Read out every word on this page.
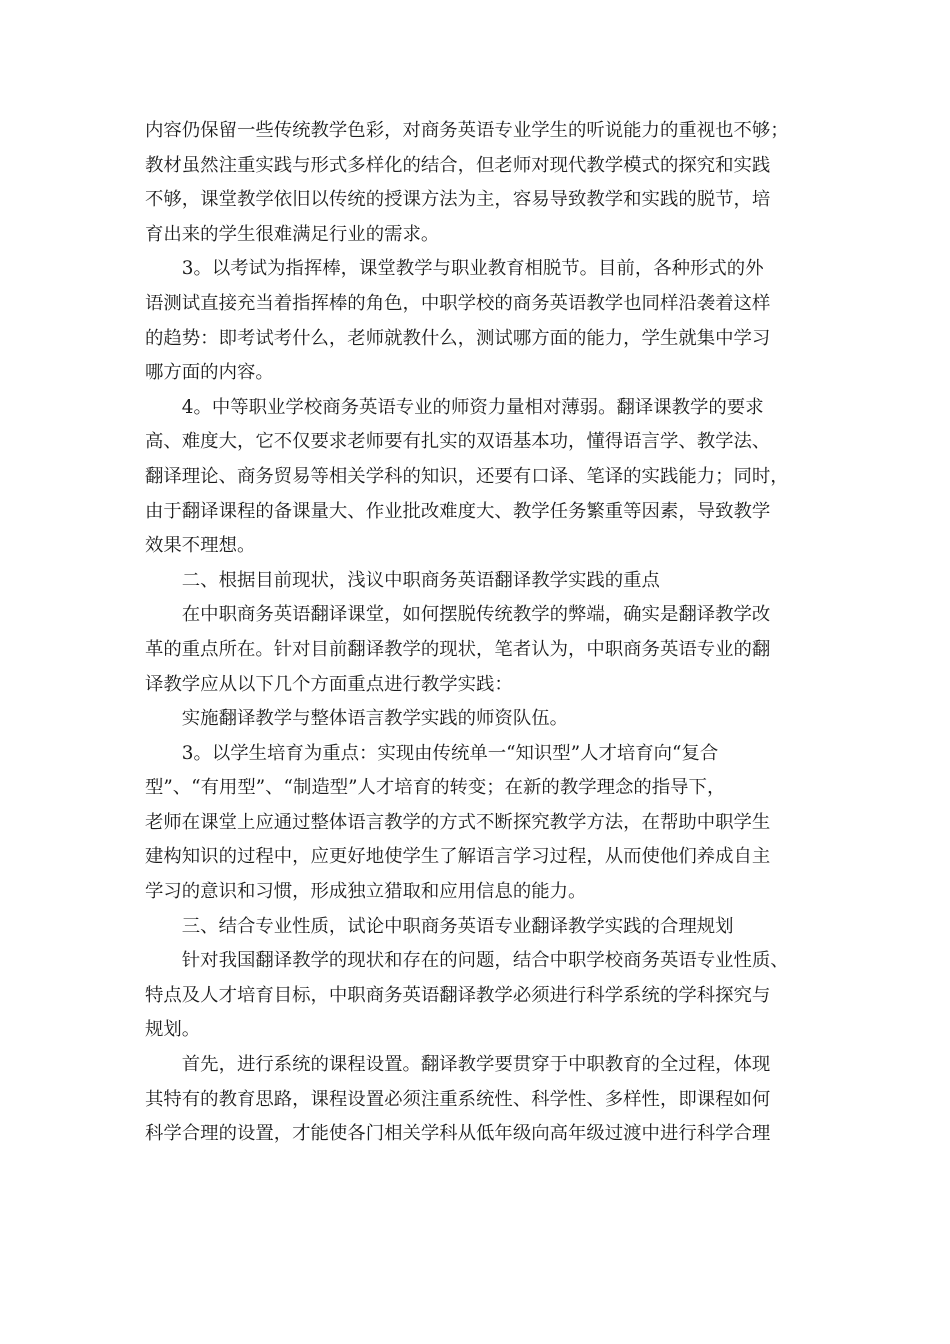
内容仍保留一些传统教学色彩，对商务英语专业学生的听说能力的重视也不够；
教材虽然注重实践与形式多样化的结合，但老师对现代教学模式的探究和实践
不够，课堂教学依旧以传统的授课方法为主，容易导致教学和实践的脱节，培
育出来的学生很难满足行业的需求。
　　3。以考试为指挥棒，课堂教学与职业教育相脱节。目前，各种形式的外
语测试直接充当着指挥棒的角色，中职学校的商务英语教学也同样沿袭着这样
的趋势：即考试考什么，老师就教什么，测试哪方面的能力，学生就集中学习
哪方面的内容。
　　4。中等职业学校商务英语专业的师资力量相对薄弱。翻译课教学的要求
高、难度大，它不仅要求老师要有扎实的双语基本功，懂得语言学、教学法、
翻译理论、商务贸易等相关学科的知识，还要有口译、笔译的实践能力；同时，
由于翻译课程的备课量大、作业批改难度大、教学任务繁重等因素，导致教学
效果不理想。
　　二、根据目前现状，浅议中职商务英语翻译教学实践的重点
　　在中职商务英语翻译课堂，如何摆脱传统教学的弊端，确实是翻译教学改
革的重点所在。针对目前翻译教学的现状，笔者认为，中职商务英语专业的翻
译教学应从以下几个方面重点进行教学实践：
　　实施翻译教学与整体语言教学实践的师资队伍。
　　3。以学生培育为重点：实现由传统单一“知识型”人才培育向“复合
型”、“有用型”、“制造型”人才培育的转变；在新的教学理念的指导下，
老师在课堂上应通过整体语言教学的方式不断探究教学方法，在帮助中职学生
建构知识的过程中，应更好地使学生了解语言学习过程，从而使他们养成自主
学习的意识和习惯，形成独立猎取和应用信息的能力。
　　三、结合专业性质，试论中职商务英语专业翻译教学实践的合理规划
　　针对我国翻译教学的现状和存在的问题，结合中职学校商务英语专业性质、
特点及人才培育目标，中职商务英语翻译教学必须进行科学系统的学科探究与
规划。
　　首先，进行系统的课程设置。翻译教学要贯穿于中职教育的全过程，体现
其特有的教育思路，课程设置必须注重系统性、科学性、多样性，即课程如何
科学合理的设置，才能使各门相关学科从低年级向高年级过渡中进行科学合理
